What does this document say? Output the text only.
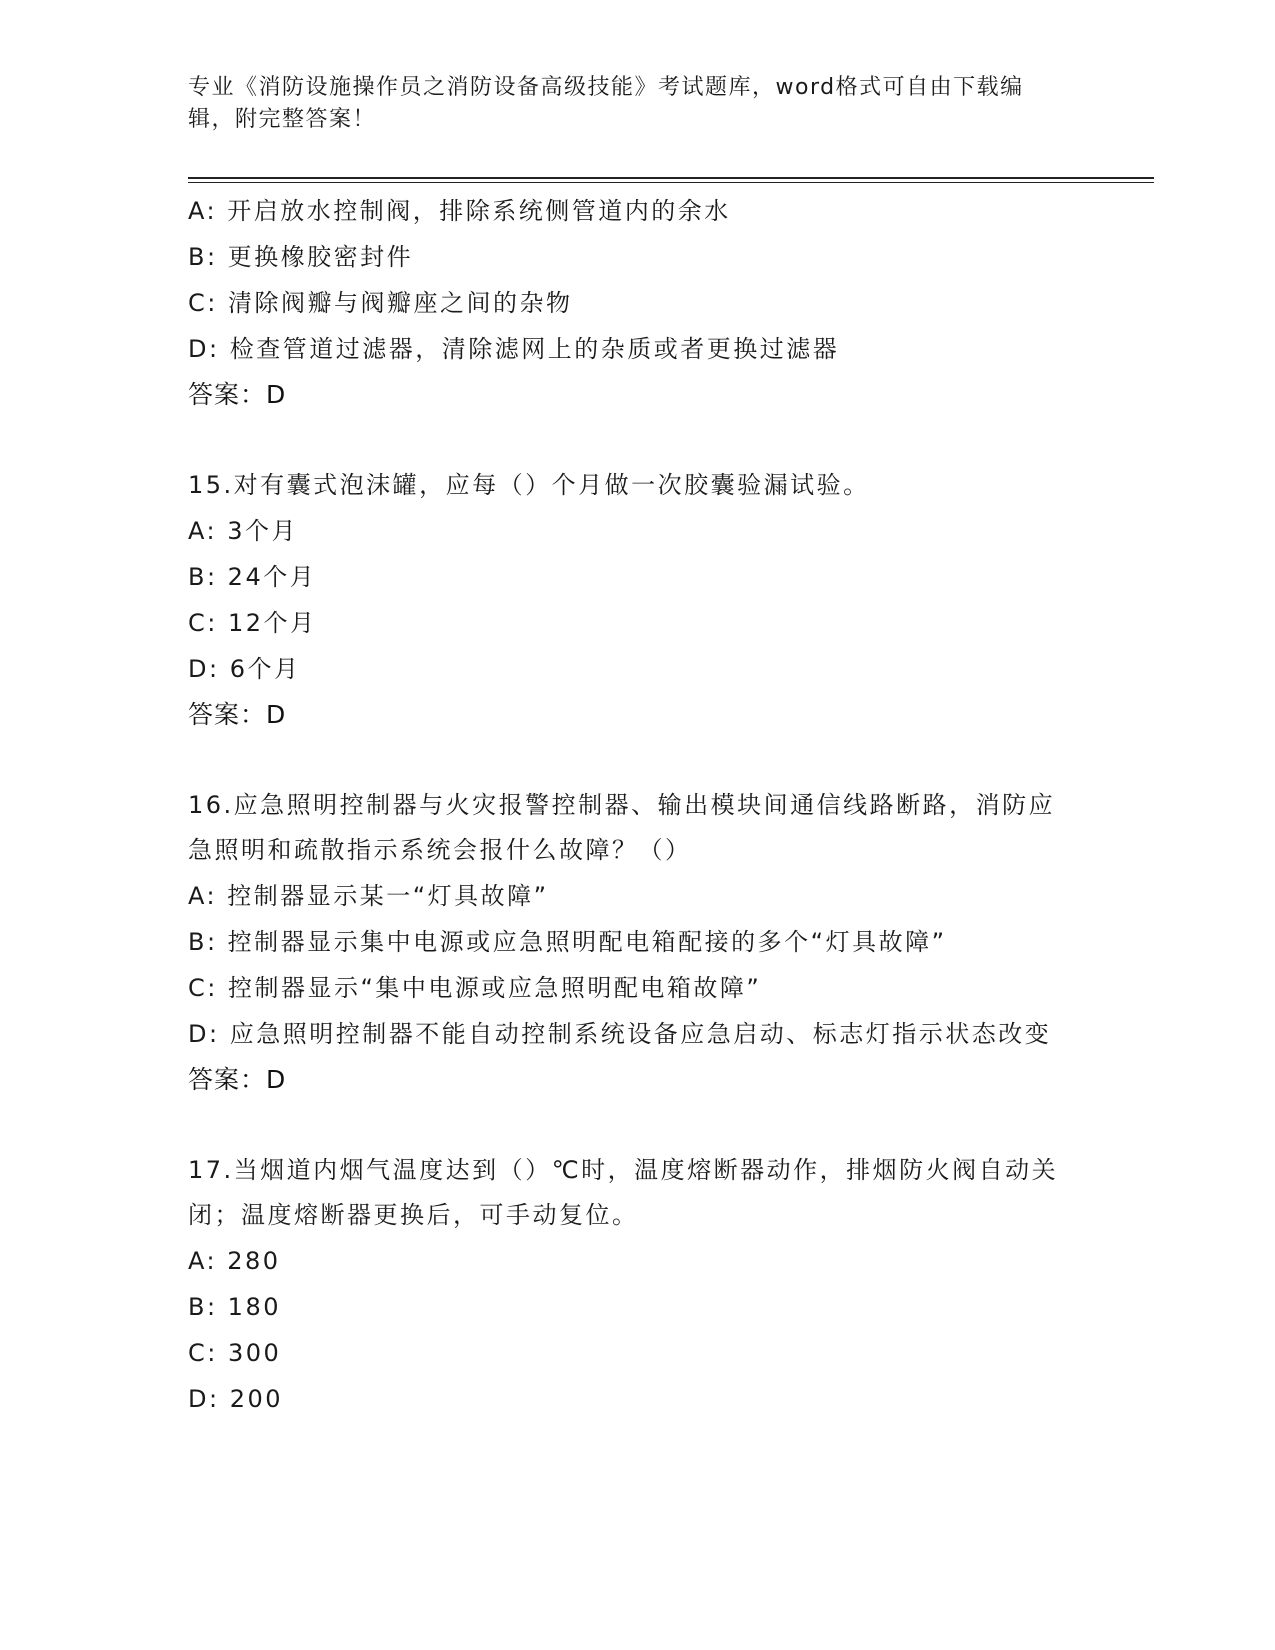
专业《消防设施操作员之消防设备高级技能》考试题库，word格式可自由下载编辑，附完整答案！
A: 开启放水控制阀，排除系统侧管道内的余水
B: 更换橡胶密封件
C: 清除阀瓣与阀瓣座之间的杂物
D: 检查管道过滤器，清除滤网上的杂质或者更换过滤器
答案：D
15.对有囊式泡沫罐，应每（）个月做一次胶囊验漏试验。
A: 3个月
B: 24个月
C: 12个月
D: 6个月
答案：D
16.应急照明控制器与火灾报警控制器、输出模块间通信线路断路，消防应急照明和疏散指示系统会报什么故障？（）
A: 控制器显示某一“灯具故障”
B: 控制器显示集中电源或应急照明配电箱配接的多个“灯具故障”
C: 控制器显示“集中电源或应急照明配电箱故障”
D: 应急照明控制器不能自动控制系统设备应急启动、标志灯指示状态改变
答案：D
17.当烟道内烟气温度达到（）℃时，温度熔断器动作，排烟防火阀自动关闭；温度熔断器更换后，可手动复位。
A: 280
B: 180
C: 300
D: 200
